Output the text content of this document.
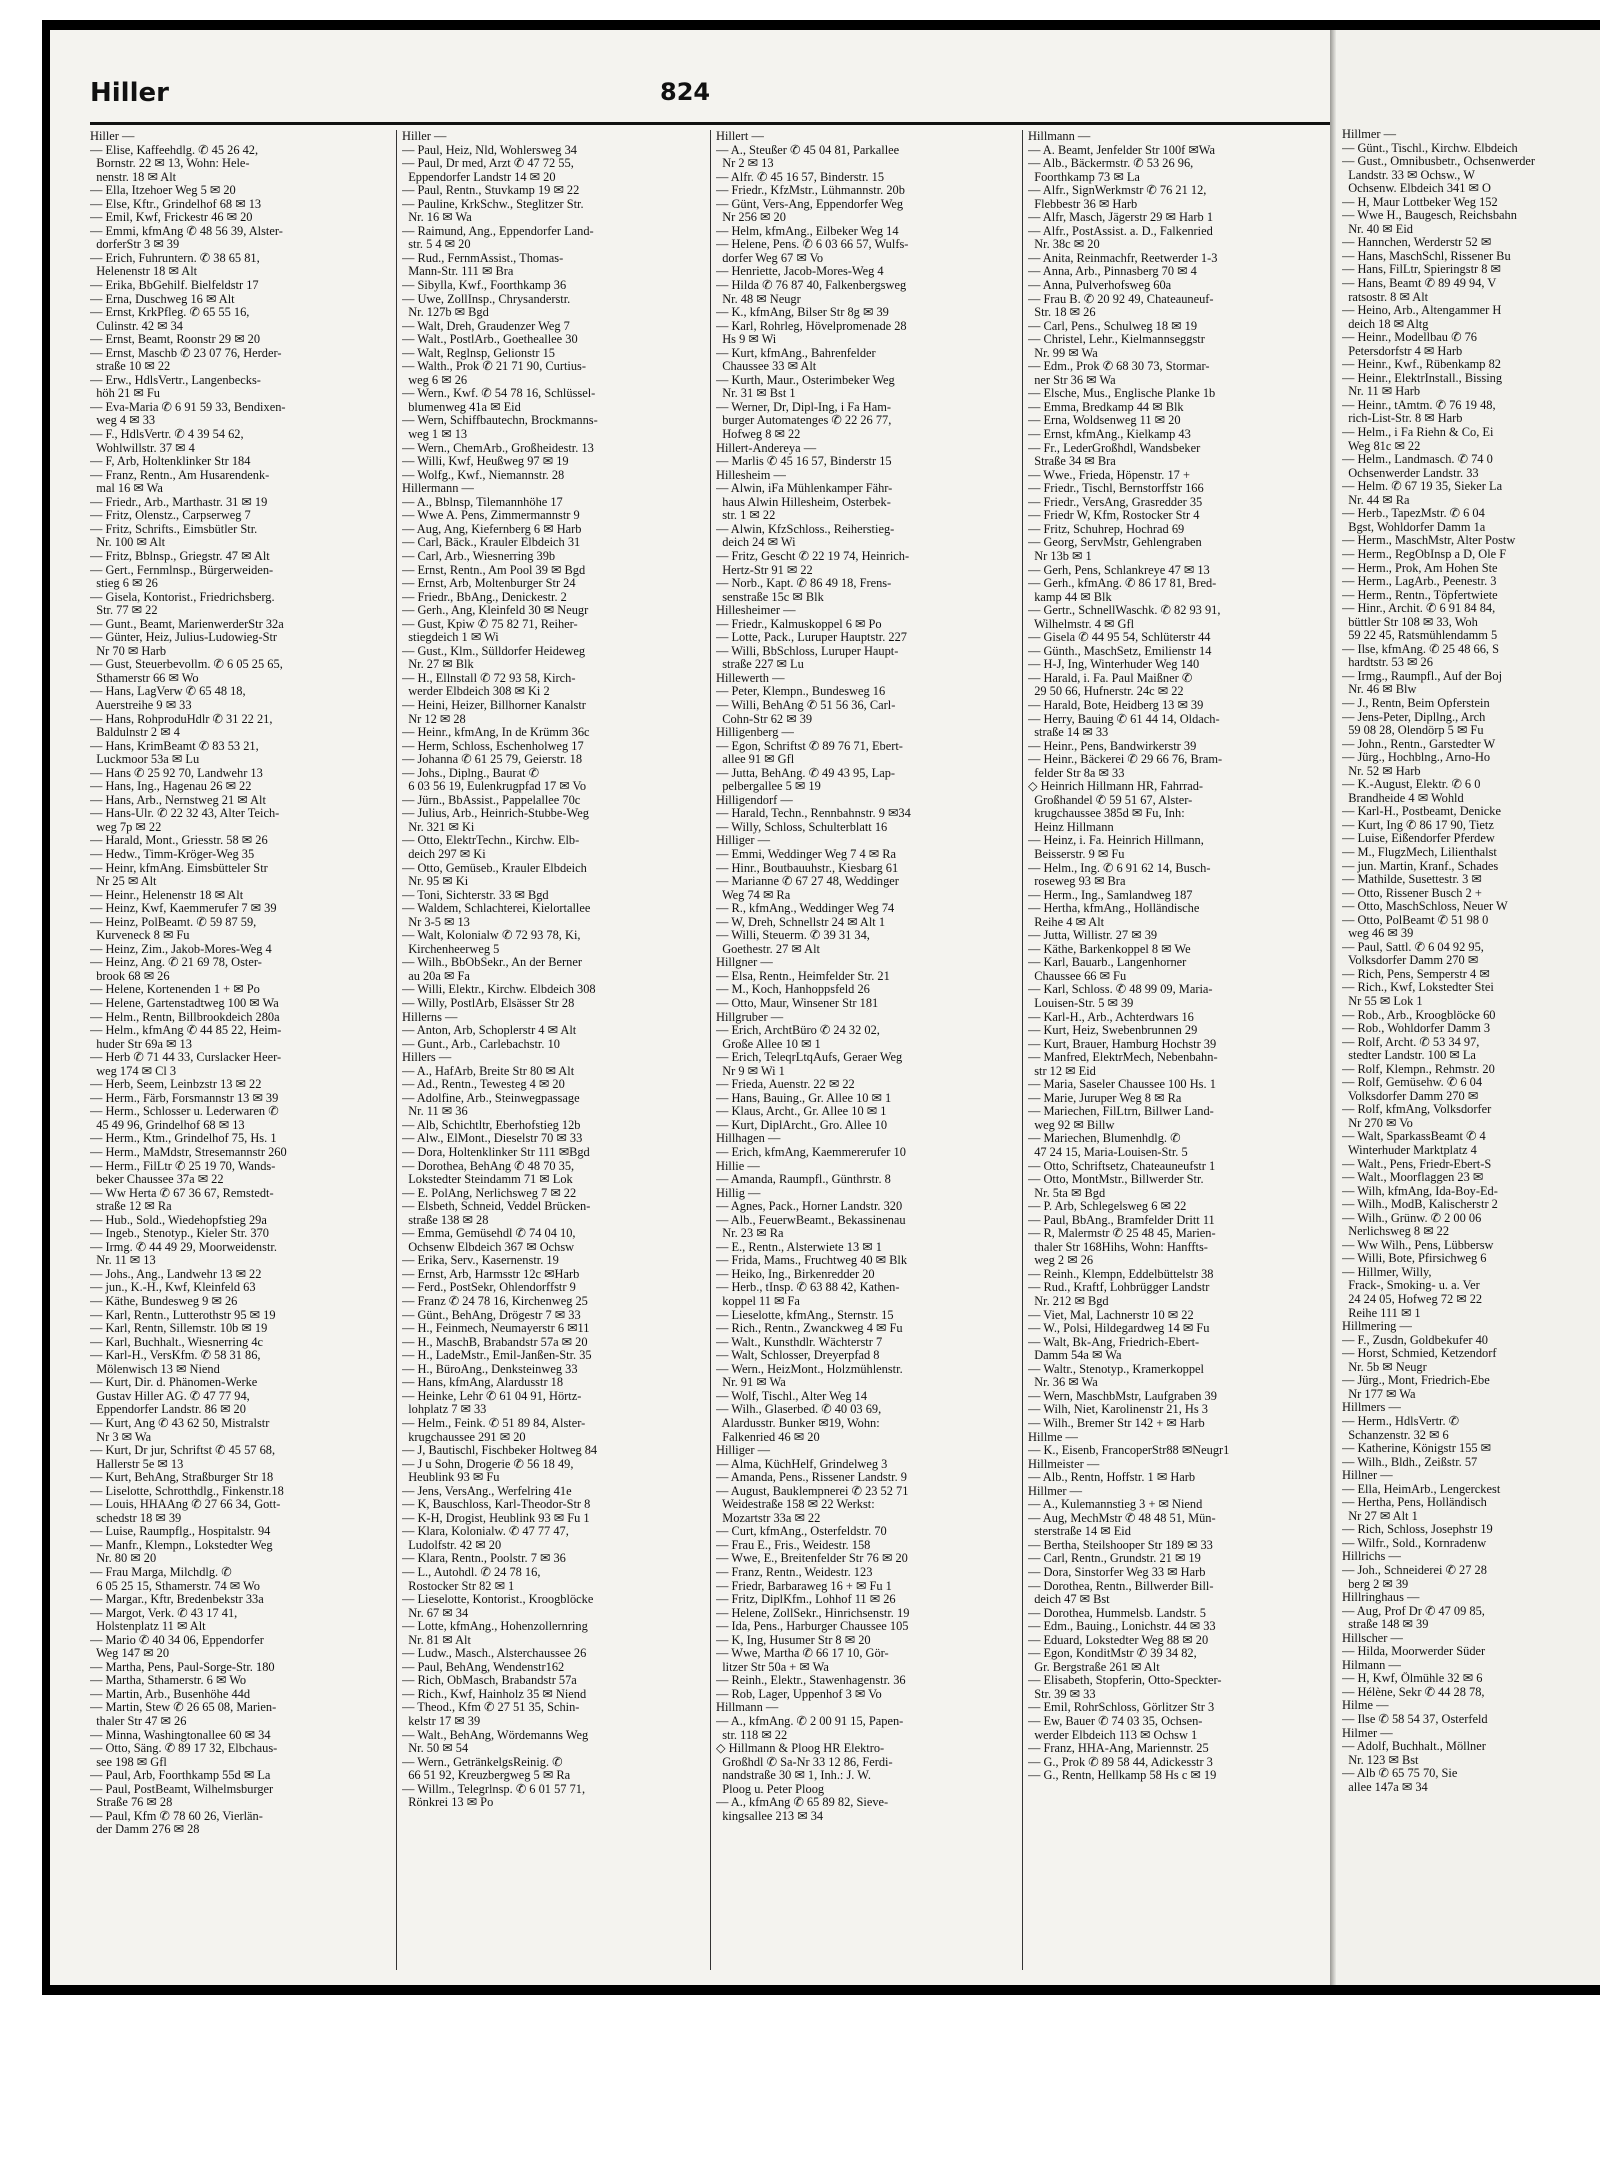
Hiller	824
Hiller —
— Elise, Kaffeehdlg. ✆ 45 26 42,
Bornstr. 22 ✉ 13, Wohn: Hele-
nenstr. 18 ✉ Alt
— Ella, Itzehoer Weg 5 ✉ 20
— Else, Kftr., Grindelhof 68 ✉ 13
— Emil, Kwf, Frickestr 46 ✉ 20
— Emmi, kfmAng ✆ 48 56 39, Alster-
dorferStr 3 ✉ 39
— Erich, Fuhruntern. ✆ 38 65 81,
Helenenstr 18 ✉ Alt
— Erika, BbGehilf. Bielfeldstr 17
— Erna, Duschweg 16 ✉ Alt
— Ernst, KrkPfleg. ✆ 65 55 16,
Culinstr. 42 ✉ 34
— Ernst, Beamt, Roonstr 29 ✉ 20
— Ernst, Maschb ✆ 23 07 76, Herder-
straße 10 ✉ 22
— Erw., HdlsVertr., Langenbecks-
höh 21 ✉ Fu
— Eva-Maria ✆ 6 91 59 33, Bendixen-
weg 4 ✉ 33
— F., HdlsVertr. ✆ 4 39 54 62,
Wohlwillstr. 37 ✉ 4
— F, Arb, Holtenklinker Str 184
— Franz, Rentn., Am Husarendenk-
mal 16 ✉ Wa
— Friedr., Arb., Marthastr. 31 ✉ 19
— Fritz, Olenstz., Carpserweg 7
— Fritz, Schrifts., Eimsbütler Str.
Nr. 100 ✉ Alt
— Fritz, Bblnsp., Griegstr. 47 ✉ Alt
— Gert., Fernmlnsp., Bürgerweiden-
stieg 6 ✉ 26
— Gisela, Kontorist., Friedrichsberg.
Str. 77 ✉ 22
— Gunt., Beamt, MarienwerderStr 32a
— Günter, Heiz, Julius-Ludowieg-Str
Nr 70 ✉ Harb
— Gust, Steuerbevollm. ✆ 6 05 25 65,
Sthamerstr 66 ✉ Wo
— Hans, LagVerw ✆ 65 48 18,
Auerstreihe 9 ✉ 33
— Hans, RohproduHdlr ✆ 31 22 21,
Baldulnstr 2 ✉ 4
— Hans, KrimBeamt ✆ 83 53 21,
Luckmoor 53a ✉ Lu
— Hans ✆ 25 92 70, Landwehr 13
— Hans, Ing., Hagenau 26 ✉ 22
— Hans, Arb., Nernstweg 21 ✉ Alt
— Hans-Ulr. ✆ 22 32 43, Alter Teich-
weg 7p ✉ 22
— Harald, Mont., Griesstr. 58 ✉ 26
— Hedw., Timm-Kröger-Weg 35
— Heinr, kfmAng. Eimsbütteler Str
Nr 25 ✉ Alt
— Heinr., Helenenstr 18 ✉ Alt
— Heinz, Kwf, Kaemmerufer 7 ✉ 39
— Heinz, PolBeamt. ✆ 59 87 59,
Kurveneck 8 ✉ Fu
— Heinz, Zim., Jakob-Mores-Weg 4
— Heinz, Ang. ✆ 21 69 78, Oster-
brook 68 ✉ 26
— Helene, Kortenenden 1 + ✉ Po
— Helene, Gartenstadtweg 100 ✉ Wa
— Helm., Rentn, Billbrookdeich 280a
— Helm., kfmAng ✆ 44 85 22, Heim-
huder Str 69a ✉ 13
— Herb ✆ 71 44 33, Curslacker Heer-
weg 174 ✉ Cl 3
— Herb, Seem, Leinbzstr 13 ✉ 22
— Herm., Färb, Forsmannstr 13 ✉ 39
— Herm., Schlosser u. Lederwaren ✆
45 49 96, Grindelhof 68 ✉ 13
— Herm., Ktm., Grindelhof 75, Hs. 1
— Herm., MaMdstr, Stresemannstr 260
— Herm., FilLtr ✆ 25 19 70, Wands-
beker Chaussee 37a ✉ 22
— Ww Herta ✆ 67 36 67, Remstedt-
straße 12 ✉ Ra
— Hub., Sold., Wiedehopfstieg 29a
— Ingeb., Stenotyp., Kieler Str. 370
— Irmg. ✆ 44 49 29, Moorweidenstr.
Nr. 11 ✉ 13
— Johs., Ang., Landwehr 13 ✉ 22
— jun., K.-H., Kwf, Kleinfeld 63
— Käthe, Bundesweg 9 ✉ 26
— Karl, Rentn., Lutterothstr 95 ✉ 19
— Karl, Rentn, Sillemstr. 10b ✉ 19
— Karl, Buchhalt., Wiesnerring 4c
— Karl-H., VersKfm. ✆ 58 31 86,
Mölenwisch 13 ✉ Niend
— Kurt, Dir. d. Phänomen-Werke
Gustav Hiller AG. ✆ 47 77 94,
Eppendorfer Landstr. 86 ✉ 20
— Kurt, Ang ✆ 43 62 50, Mistralstr
Nr 3 ✉ Wa
— Kurt, Dr jur, Schriftst ✆ 45 57 68,
Hallerstr 5e ✉ 13
— Kurt, BehAng, Straßburger Str 18
— Liselotte, Schrotthdlg., Finkenstr.18
— Louis, HHAAng ✆ 27 66 34, Gott-
schedstr 18 ✉ 39
— Luise, Raumpflg., Hospitalstr. 94
— Manfr., Klempn., Lokstedter Weg
Nr. 80 ✉ 20
— Frau Marga, Milchdlg. ✆
6 05 25 15, Sthamerstr. 74 ✉ Wo
— Margar., Kftr, Bredenbekstr 33a
— Margot, Verk. ✆ 43 17 41,
Holstenplatz 11 ✉ Alt
— Mario ✆ 40 34 06, Eppendorfer
Weg 147 ✉ 20
— Martha, Pens, Paul-Sorge-Str. 180
— Martha, Sthamerstr. 6 ✉ Wo
— Martin, Arb., Busenhöhe 44d
— Martin, Stew ✆ 26 65 08, Marien-
thaler Str 47 ✉ 26
— Minna, Washingtonallee 60 ✉ 34
— Otto, Säng. ✆ 89 17 32, Elbchaus-
see 198 ✉ Gfl
— Paul, Arb, Foorthkamp 55d ✉ La
— Paul, PostBeamt, Wilhelmsburger
Straße 76 ✉ 28
— Paul, Kfm ✆ 78 60 26, Vierlän-
der Damm 276 ✉ 28
Hiller —
— Paul, Heiz, Nld, Wohlersweg 34
— Paul, Dr med, Arzt ✆ 47 72 55,
Eppendorfer Landstr 14 ✉ 20
— Paul, Rentn., Stuvkamp 19 ✉ 22
— Pauline, KrkSchw., Steglitzer Str.
Nr. 16 ✉ Wa
— Raimund, Ang., Eppendorfer Land-
str. 5 4 ✉ 20
— Rud., FernmAssist., Thomas-
Mann-Str. 111 ✉ Bra
— Sibylla, Kwf., Foorthkamp 36
— Uwe, ZollInsp., Chrysanderstr.
Nr. 127b ✉ Bgd
— Walt, Dreh, Graudenzer Weg 7
— Walt., PostlArb., Goetheallee 30
— Walt, Reglnsp, Gelionstr 15
— Walth., Prok ✆ 21 71 90, Curtius-
weg 6 ✉ 26
— Wern., Kwf. ✆ 54 78 16, Schlüssel-
blumenweg 41a ✉ Eid
— Wern, Schiffbautechn, Brockmanns-
weg 1 ✉ 13
— Wern., ChemArb., Großheidestr. 13
— Willi, Kwf, Heußweg 97 ✉ 19
— Wolfg., Kwf., Niemannstr. 28
Hillermann —
— A., Bblnsp, Tilemannhöhe 17
— Wwe A. Pens, Zimmermannstr 9
— Aug, Ang, Kiefernberg 6 ✉ Harb
— Carl, Bäck., Krauler Elbdeich 31
— Carl, Arb., Wiesnerring 39b
— Ernst, Rentn., Am Pool 39 ✉ Bgd
— Ernst, Arb, Moltenburger Str 24
— Friedr., BbAng., Denickestr. 2
— Gerh., Ang, Kleinfeld 30 ✉ Neugr
— Gust, Kpiw ✆ 75 82 71, Reiher-
stiegdeich 1 ✉ Wi
— Gust., Klm., Sülldorfer Heideweg
Nr. 27 ✉ Blk
— H., Ellnstall ✆ 72 93 58, Kirch-
werder Elbdeich 308 ✉ Ki 2
— Heini, Heizer, Billhorner Kanalstr
Nr 12 ✉ 28
— Heinr., kfmAng, In de Krümm 36c
— Herm, Schloss, Eschenholweg 17
— Johanna ✆ 61 25 79, Geierstr. 18
— Johs., Diplng., Baurat ✆
6 03 56 19, Eulenkrugpfad 17 ✉ Vo
— Jürn., BbAssist., Pappelallee 70c
— Julius, Arb., Heinrich-Stubbe-Weg
Nr. 321 ✉ Ki
— Otto, ElektrTechn., Kirchw. Elb-
deich 297 ✉ Ki
— Otto, Gemüseb., Krauler Elbdeich
Nr. 95 ✉ Ki
— Toni, Sichterstr. 33 ✉ Bgd
— Waldem, Schlachterei, Kielortallee
Nr 3-5 ✉ 13
— Walt, Kolonialw ✆ 72 93 78, Ki,
Kirchenheerweg 5
— Wilh., BbObSekr., An der Berner
au 20a ✉ Fa
— Willi, Elektr., Kirchw. Elbdeich 308
— Willy, PostlArb, Elsässer Str 28
Hillerns —
— Anton, Arb, Schoplerstr 4 ✉ Alt
— Gunt., Arb., Carlebachstr. 10
Hillers —
— A., HafArb, Breite Str 80 ✉ Alt
— Ad., Rentn., Tewesteg 4 ✉ 20
— Adolfine, Arb., Steinwegpassage
Nr. 11 ✉ 36
— Alb, Schichtltr, Eberhofstieg 12b
— Alw., ElMont., Dieselstr 70 ✉ 33
— Dora, Holtenklinker Str 111 ✉Bgd
— Dorothea, BehAng ✆ 48 70 35,
Lokstedter Steindamm 71 ✉ Lok
— E. PolAng, Nerlichsweg 7 ✉ 22
— Elsbeth, Schneid, Veddel Brücken-
straße 138 ✉ 28
— Emma, Gemüsehdl ✆ 74 04 10,
Ochsenw Elbdeich 367 ✉ Ochsw
— Erika, Serv., Kasernenstr. 19
— Ernst, Arb, Harmsstr 12c ✉Harb
— Ferd., PostSekr, Ohlendorffstr 9
— Franz ✆ 24 78 16, Kirchenweg 25
— Günt., BehAng, Drögestr 7 ✉ 33
— H., Feinmech, Neumayerstr 6 ✉11
— H., MaschB, Brabandstr 57a ✉ 20
— H., LadeMstr., Emil-Janßen-Str. 35
— H., BüroAng., Denksteinweg 33
— Hans, kfmAng, Alardusstr 18
— Heinke, Lehr ✆ 61 04 91, Hörtz-
lohplatz 7 ✉ 33
— Helm., Feink. ✆ 51 89 84, Alster-
krugchaussee 291 ✉ 20
— J, Bautischl, Fischbeker Holtweg 84
— J u Sohn, Drogerie ✆ 56 18 49,
Heublink 93 ✉ Fu
— Jens, VersAng., Werfelring 41e
— K, Bauschloss, Karl-Theodor-Str 8
— K-H, Drogist, Heublink 93 ✉ Fu 1
— Klara, Kolonialw. ✆ 47 77 47,
Ludolfstr. 42 ✉ 20
— Klara, Rentn., Poolstr. 7 ✉ 36
— L., Autohdl. ✆ 24 78 16,
Rostocker Str 82 ✉ 1
— Lieselotte, Kontorist., Kroogblöcke
Nr. 67 ✉ 34
— Lotte, kfmAng., Hohenzollernring
Nr. 81 ✉ Alt
— Ludw., Masch., Alsterchaussee 26
— Paul, BehAng, Wendenstr162
— Rich, ObMasch, Brabandstr 57a
— Rich., Kwf, Hainholz 35 ✉ Niend
— Theod., Kfm ✆ 27 51 35, Schin-
kelstr 17 ✉ 39
— Walt., BehAng, Wördemanns Weg
Nr. 50 ✉ 54
— Wern., GetränkelgsReinig. ✆
66 51 92, Kreuzbergweg 5 ✉ Ra
— Willm., Telegrlnsp. ✆ 6 01 57 71,
Rönkrei 13 ✉ Po
Hillert —
— A., Steußer ✆ 45 04 81, Parkallee
Nr 2 ✉ 13
— Alfr. ✆ 45 16 57, Binderstr. 15
— Friedr., KfzMstr., Lühmannstr. 20b
— Günt, Vers-Ang, Eppendorfer Weg
Nr 256 ✉ 20
— Helm, kfmAng., Eilbeker Weg 14
— Helene, Pens. ✆ 6 03 66 57, Wulfs-
dorfer Weg 67 ✉ Vo
— Henriette, Jacob-Mores-Weg 4
— Hilda ✆ 76 87 40, Falkenbergsweg
Nr. 48 ✉ Neugr
— K., kfmAng, Bilser Str 8g ✉ 39
— Karl, Rohrleg, Hövelpromenade 28
Hs 9 ✉ Wi
— Kurt, kfmAng., Bahrenfelder
Chaussee 33 ✉ Alt
— Kurth, Maur., Osterimbeker Weg
Nr. 31 ✉ Bst 1
— Werner, Dr, Dipl-Ing, i Fa Ham-
burger Automatenges ✆ 22 26 77,
Hofweg 8 ✉ 22
Hillert-Andereya —
— Marlis ✆ 45 16 57, Binderstr 15
Hillesheim —
— Alwin, iFa Mühlenkamper Fähr-
haus Alwin Hillesheim, Osterbek-
str. 1 ✉ 22
— Alwin, KfzSchloss., Reiherstieg-
deich 24 ✉ Wi
— Fritz, Gescht ✆ 22 19 74, Heinrich-
Hertz-Str 91 ✉ 22
— Norb., Kapt. ✆ 86 49 18, Frens-
senstraße 15c ✉ Blk
Hillesheimer —
— Friedr., Kalmuskoppel 6 ✉ Po
— Lotte, Pack., Luruper Hauptstr. 227
— Willi, BbSchloss, Luruper Haupt-
straße 227 ✉ Lu
Hillewerth —
— Peter, Klempn., Bundesweg 16
— Willi, BehAng ✆ 51 56 36, Carl-
Cohn-Str 62 ✉ 39
Hilligenberg —
— Egon, Schriftst ✆ 89 76 71, Ebert-
allee 91 ✉ Gfl
— Jutta, BehAng. ✆ 49 43 95, Lap-
pelbergallee 5 ✉ 19
Hilligendorf —
— Harald, Techn., Rennbahnstr. 9 ✉34
— Willy, Schloss, Schulterblatt 16
Hilliger —
— Emmi, Weddinger Weg 7 4 ✉ Ra
— Hinr., Boutbauuhstr., Kiesbarg 61
— Marianne ✆ 67 27 48, Weddinger
Weg 74 ✉ Ra
— R., kfmAng., Weddinger Weg 74
— W, Dreh, Schnellstr 24 ✉ Alt 1
— Willi, Steuerm. ✆ 39 31 34,
Goethestr. 27 ✉ Alt
Hillgner —
— Elsa, Rentn., Heimfelder Str. 21
— M., Koch, Hanhoppsfeld 26
— Otto, Maur, Winsener Str 181
Hillgruber —
— Erich, ArchtBüro ✆ 24 32 02,
Große Allee 10 ✉ 1
— Erich, TeleqrLtqAufs, Geraer Weg
Nr 9 ✉ Wi 1
— Frieda, Auenstr. 22 ✉ 22
— Hans, Bauing., Gr. Allee 10 ✉ 1
— Klaus, Archt., Gr. Allee 10 ✉ 1
— Kurt, DiplArcht., Gro. Allee 10
Hillhagen —
— Erich, kfmAng, Kaemmererufer 10
Hillie —
— Amanda, Raumpfl., Günthrstr. 8
Hillig —
— Agnes, Pack., Horner Landstr. 320
— Alb., FeuerwBeamt., Bekassinenau
Nr. 23 ✉ Ra
— E., Rentn., Alsterwiete 13 ✉ 1
— Frida, Mams., Fruchtweg 40 ✉ Blk
— Heiko, Ing., Birkenredder 20
— Herb., tInsp. ✆ 63 88 42, Kathen-
koppel 11 ✉ Fa
— Lieselotte, kfmAng., Sternstr. 15
— Rich., Rentn., Zwanckweg 4 ✉ Fu
— Walt., Kunsthdlr. Wächterstr 7
— Walt, Schlosser, Dreyerpfad 8
— Wern., HeizMont., Holzmühlenstr.
Nr. 91 ✉ Wa
— Wolf, Tischl., Alter Weg 14
— Wilh., Glaserbed. ✆ 40 03 69,
Alardusstr. Bunker ✉19, Wohn:
Falkenried 46 ✉ 20
Hilliger —
— Alma, KüchHelf, Grindelweg 3
— Amanda, Pens., Rissener Landstr. 9
— August, Bauklempnerei ✆ 23 52 71
Weidestraße 158 ✉ 22 Werkst:
Mozartstr 33a ✉ 22
— Curt, kfmAng., Osterfeldstr. 70
— Frau E., Fris., Weidestr. 158
— Wwe, E., Breitenfelder Str 76 ✉ 20
— Franz, Rentn., Weidestr. 123
— Friedr, Barbaraweg 16 + ✉ Fu 1
— Fritz, DiplKfm., Lohhof 11 ✉ 26
— Helene, ZollSekr., Hinrichsenstr. 19
— Ida, Pens., Harburger Chaussee 105
— K, Ing, Husumer Str 8 ✉ 20
— Wwe, Martha ✆ 66 17 10, Gör-
litzer Str 50a + ✉ Wa
— Reinh., Elektr., Stawenhagenstr. 36
— Rob, Lager, Uppenhof 3 ✉ Vo
Hillmann —
— A., kfmAng. ✆ 2 00 91 15, Papen-
str. 118 ✉ 22
◇ Hillmann & Ploog HR Elektro-
Großhdl ✆ Sa-Nr 33 12 86, Ferdi-
nandstraße 30 ✉ 1, Inh.: J. W.
Ploog u. Peter Ploog
— A., kfmAng ✆ 65 89 82, Sieve-
kingsallee 213 ✉ 34
Hillmann —
— A. Beamt, Jenfelder Str 100f ✉Wa
— Alb., Bäckermstr. ✆ 53 26 96,
Foorthkamp 73 ✉ La
— Alfr., SignWerkmstr ✆ 76 21 12,
Flebbestr 36 ✉ Harb
— Alfr, Masch, Jägerstr 29 ✉ Harb 1
— Alfr., PostAssist. a. D., Falkenried
Nr. 38c ✉ 20
— Anita, Reinmachfr, Reetwerder 1-3
— Anna, Arb., Pinnasberg 70 ✉ 4
— Anna, Pulverhofsweg 60a
— Frau B. ✆ 20 92 49, Chateauneuf-
Str. 18 ✉ 26
— Carl, Pens., Schulweg 18 ✉ 19
— Christel, Lehr., Kielmannseggstr
Nr. 99 ✉ Wa
— Edm., Prok ✆ 68 30 73, Stormar-
ner Str 36 ✉ Wa
— Elsche, Mus., Englische Planke 1b
— Emma, Bredkamp 44 ✉ Blk
— Erna, Woldsenweg 11 ✉ 20
— Ernst, kfmAng., Kielkamp 43
— Fr., LederGroßhdl, Wandsbeker
Straße 34 ✉ Bra
— Wwe., Frieda, Höpenstr. 17 +
— Friedr., Tischl, Bernstorffstr 166
— Friedr., VersAng, Grasredder 35
— Friedr W, Kfm, Rostocker Str 4
— Fritz, Schuhrep, Hochrad 69
— Georg, ServMstr, Gehlengraben
Nr 13b ✉ 1
— Gerh, Pens, Schlankreye 47 ✉ 13
— Gerh., kfmAng. ✆ 86 17 81, Bred-
kamp 44 ✉ Blk
— Gertr., SchnellWaschk. ✆ 82 93 91,
Wilhelmstr. 4 ✉ Gfl
— Gisela ✆ 44 95 54, Schlüterstr 44
— Günth., MaschSetz, Emilienstr 14
— H-J, Ing, Winterhuder Weg 140
— Harald, i. Fa. Paul Maißner ✆
29 50 66, Hufnerstr. 24c ✉ 22
— Harald, Bote, Heidberg 13 ✉ 39
— Herry, Bauing ✆ 61 44 14, Oldach-
straße 14 ✉ 33
— Heinr., Pens, Bandwirkerstr 39
— Heinr., Bäckerei ✆ 29 66 76, Bram-
felder Str 8a ✉ 33
◇ Heinrich Hillmann HR, Fahrrad-
Großhandel ✆ 59 51 67, Alster-
krugchaussee 385d ✉ Fu, Inh:
Heinz Hillmann
— Heinz, i. Fa. Heinrich Hillmann,
Beisserstr. 9 ✉ Fu
— Helm., Ing. ✆ 6 91 62 14, Busch-
roseweg 93 ✉ Bra
— Herm., Ing., Samlandweg 187
— Hertha, kfmAng., Holländische
Reihe 4 ✉ Alt
— Jutta, Willistr. 27 ✉ 39
— Käthe, Barkenkoppel 8 ✉ We
— Karl, Bauarb., Langenhorner
Chaussee 66 ✉ Fu
— Karl, Schloss. ✆ 48 99 09, Maria-
Louisen-Str. 5 ✉ 39
— Karl-H., Arb., Achterdwars 16
— Kurt, Heiz, Swebenbrunnen 29
— Kurt, Brauer, Hamburg Hochstr 39
— Manfred, ElektrMech, Nebenbahn-
str 12 ✉ Eid
— Maria, Saseler Chaussee 100 Hs. 1
— Marie, Juruper Weg 8 ✉ Ra
— Mariechen, FilLtrn, Billwer Land-
weg 92 ✉ Billw
— Mariechen, Blumenhdlg. ✆
47 24 15, Maria-Louisen-Str. 5
— Otto, Schriftsetz, Chateauneufstr 1
— Otto, MontMstr., Billwerder Str.
Nr. 5ta ✉ Bgd
— P. Arb, Schlegelsweg 6 ✉ 22
— Paul, BbAng., Bramfelder Dritt 11
— R, Malermstr ✆ 25 48 45, Marien-
thaler Str 168Hihs, Wohn: Hanffts-
weg 2 ✉ 26
— Reinh., Klempn, Eddelbüttelstr 38
— Rud., Kraftf, Lohbrügger Landstr
Nr. 212 ✉ Bgd
— Viet, Mal, Lachnerstr 10 ✉ 22
— W., Polsi, Hildegardweg 14 ✉ Fu
— Walt, Bk-Ang, Friedrich-Ebert-
Damm 54a ✉ Wa
— Waltr., Stenotyp., Kramerkoppel
Nr. 36 ✉ Wa
— Wern, MaschbMstr, Laufgraben 39
— Wilh, Niet, Karolinenstr 21, Hs 3
— Wilh., Bremer Str 142 + ✉ Harb
Hillme —
— K., Eisenb, FrancoperStr88 ✉Neugr1
Hillmeister —
— Alb., Rentn, Hoffstr. 1 ✉ Harb
Hillmer —
— A., Kulemannstieg 3 + ✉ Niend
— Aug, MechMstr ✆ 48 48 51, Mün-
sterstraße 14 ✉ Eid
— Bertha, Steilshooper Str 189 ✉ 33
— Carl, Rentn., Grundstr. 21 ✉ 19
— Dora, Sinstorfer Weg 33 ✉ Harb
— Dorothea, Rentn., Billwerder Bill-
deich 47 ✉ Bst
— Dorothea, Hummelsb. Landstr. 5
— Edm., Bauing., Lonichstr. 44 ✉ 33
— Eduard, Lokstedter Weg 88 ✉ 20
— Egon, KonditMstr ✆ 39 34 82,
Gr. Bergstraße 261 ✉ Alt
— Elisabeth, Stopferin, Otto-Speckter-
Str. 39 ✉ 33
— Emil, RohrSchloss, Görlitzer Str 3
— Ew, Bauer ✆ 74 03 35, Ochsen-
werder Elbdeich 113 ✉ Ochsw 1
— Franz, HHA-Ang, Mariennstr. 25
— G., Prok ✆ 89 58 44, Adickesstr 3
— G., Rentn, Hellkamp 58 Hs c ✉ 19
Hillmer —
— Günt., Tischl., Kirchw. Elbdeich
— Gust., Omnibusbetr., Ochsenwerder
Landstr. 33 ✉ Ochsw., W
Ochsenw. Elbdeich 341 ✉ O
— H, Maur Lottbeker Weg 152
— Wwe H., Baugesch, Reichsbahn
Nr. 40 ✉ Eid
— Hannchen, Werderstr 52 ✉
— Hans, MaschSchl, Rissener Bu
— Hans, FilLtr, Spieringstr 8 ✉
— Hans, Beamt ✆ 89 49 94, V
ratsostr. 8 ✉ Alt
— Heino, Arb., Altengammer H
deich 18 ✉ Altg
— Heinr., Modellbau ✆ 76
Petersdorfstr 4 ✉ Harb
— Heinr., Kwf., Rübenkamp 82
— Heinr., ElektrInstall., Bissing
Nr. 11 ✉ Harb
— Heinr., tAmtm. ✆ 76 19 48,
rich-List-Str. 8 ✉ Harb
— Helm., i Fa Riehn & Co, Ei
Weg 81c ✉ 22
— Helm., Landmasch. ✆ 74 0
Ochsenwerder Landstr. 33
— Helm. ✆ 67 19 35, Sieker La
Nr. 44 ✉ Ra
— Herb., TapezMstr. ✆ 6 04
Bgst, Wohldorfer Damm 1a
— Herm., MaschMstr, Alter Postw
— Herm., RegObInsp a D, Ole F
— Herm., Prok, Am Hohen Ste
— Herm., LagArb., Peenestr. 3
— Herm., Rentn., Töpfertwiete
— Hinr., Archit. ✆ 6 91 84 84,
büttler Str 108 ✉ 33, Woh
59 22 45, Ratsmühlendamm 5
— Ilse, kfmAng. ✆ 25 48 66, S
hardtstr. 53 ✉ 26
— Irmg., Raumpfl., Auf der Boj
Nr. 46 ✉ Blw
— J., Rentn, Beim Opferstein
— Jens-Peter, Dipllng., Arch
59 08 28, Olendörp 5 ✉ Fu
— John., Rentn., Garstedter W
— Jürg., Hochblng., Arno-Ho
Nr. 52 ✉ Harb
— K.-August, Elektr. ✆ 6 0
Brandheide 4 ✉ Wohld
— Karl-H., Postbeamt, Denicke
— Kurt, Ing ✆ 86 17 90, Tietz
— Luise, Eißendorfer Pferdew
— M., FlugzMech, Lilienthalst
— jun. Martin, Kranf., Schades
— Mathilde, Susettestr. 3 ✉
— Otto, Rissener Busch 2 +
— Otto, MaschSchloss, Neuer W
— Otto, PolBeamt ✆ 51 98 0
weg 46 ✉ 39
— Paul, Sattl. ✆ 6 04 92 95,
Volksdorfer Damm 270 ✉
— Rich, Pens, Semperstr 4 ✉
— Rich., Kwf, Lokstedter Stei
Nr 55 ✉ Lok 1
— Rob., Arb., Kroogblöcke 60
— Rob., Wohldorfer Damm 3
— Rolf, Archt. ✆ 53 34 97,
stedter Landstr. 100 ✉ La
— Rolf, Klempn., Rehmstr. 20
— Rolf, Gemüsehw. ✆ 6 04
Volksdorfer Damm 270 ✉
— Rolf, kfmAng, Volksdorfer
Nr 270 ✉ Vo
— Walt, SparkassBeamt ✆ 4
Winterhuder Marktplatz 4
— Walt., Pens, Friedr-Ebert-S
— Walt., Moorflaggen 23 ✉
— Wilh, kfmAng, Ida-Boy-Ed-
— Wilh., ModB, Kalischerstr 2
— Wilh., Grünw. ✆ 2 00 06
Nerlichsweg 8 ✉ 22
— Ww Wilh., Pens, Lübbersw
— Willi, Bote, Pfirsichweg 6
— Hillmer, Willy,
Frack-, Smoking- u. a. Ver
24 24 05, Hofweg 72 ✉ 22
Reihe 111 ✉ 1
Hillmering —
— F., Zusdn, Goldbekufer 40
— Horst, Schmied, Ketzendorf
Nr. 5b ✉ Neugr
— Jürg., Mont, Friedrich-Ebe
Nr 177 ✉ Wa
Hillmers —
— Herm., HdlsVertr. ✆
Schanzenstr. 32 ✉ 6
— Katherine, Königstr 155 ✉
— Wilh., Bldh., Zeißstr. 57
Hillner —
— Ella, HeimArb., Lengerckest
— Hertha, Pens, Holländisch
Nr 27 ✉ Alt 1
— Rich, Schloss, Josephstr 19
— Wilfr., Sold., Kornradenw
Hillrichs —
— Joh., Schneiderei ✆ 27 28
berg 2 ✉ 39
Hillringhaus —
— Aug, Prof Dr ✆ 47 09 85,
straße 148 ✉ 39
Hillscher —
— Hilda, Moorwerder Süder
Hilmann —
— H, Kwf, Ölmühle 32 ✉ 6
— Hélène, Sekr ✆ 44 28 78,
Hilme —
— Ilse ✆ 58 54 37, Osterfeld
Hilmer —
— Adolf, Buchhalt., Möllner
Nr. 123 ✉ Bst
— Alb ✆ 65 75 70, Sie
allee 147a ✉ 34
